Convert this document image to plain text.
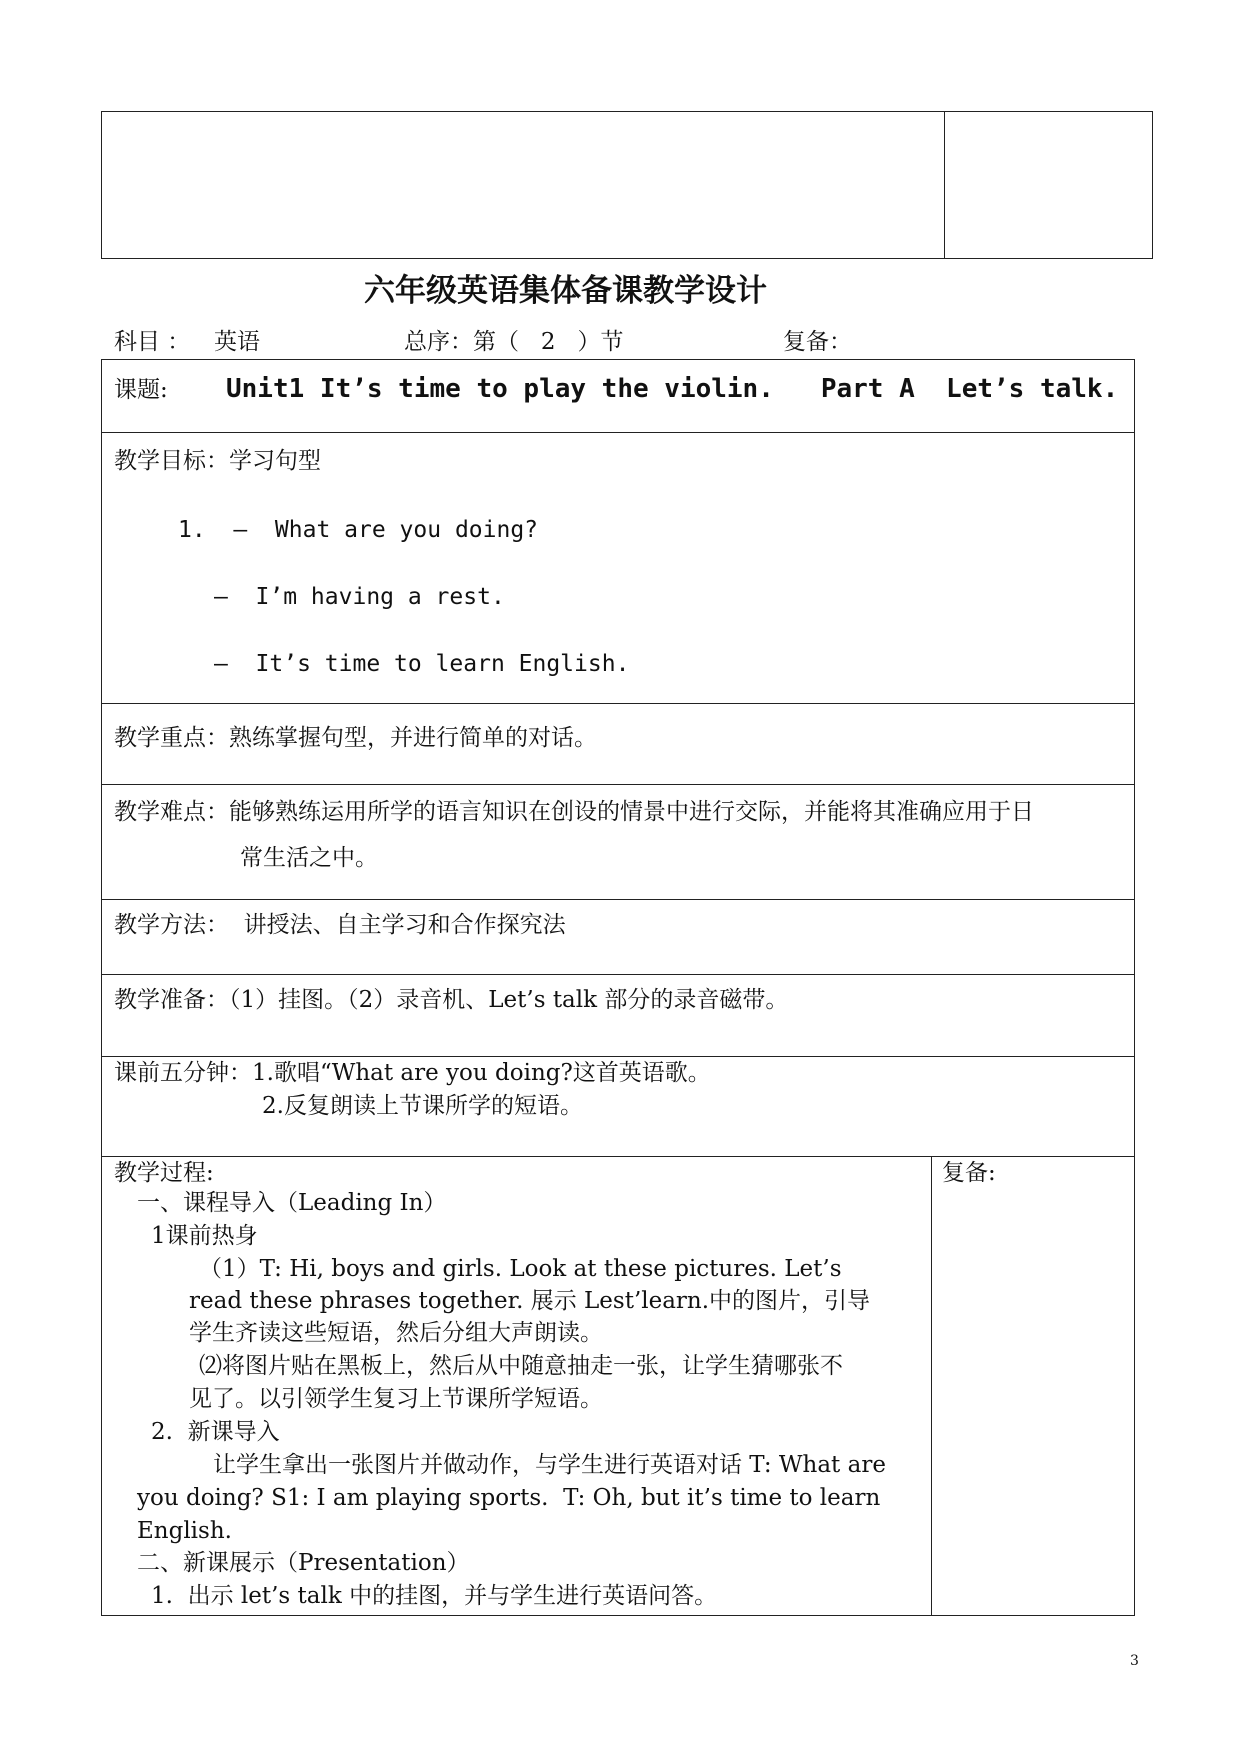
六年级英语集体备课教学设计
科目 ： 英语	总序：第（   2   ）节	复备：
课题: Unit1 It’s time to play the violin.   Part A  Let’s talk.
教学目标：学习句型
1.  —  What are you doing?
—  I’m having a rest.
—  It’s time to learn English.
教学重点：熟练掌握句型，并进行简单的对话。
教学难点：能够熟练运用所学的语言知识在创设的情景中进行交际，并能将其准确应用于日
常生活之中。
教学方法：  讲授法、自主学习和合作探究法
教学准备：（1）挂图。（2）录音机、Let’s talk 部分的录音磁带。
课前五分钟：1.歌唱“What are you doing?这首英语歌。
2.反复朗读上节课所学的短语。
教学过程:	复备:
一、课程导入（Leading In）
1课前热身
（1）T: Hi, boys and girls. Look at these pictures. Let’s
read these phrases together. 展示 Lest’learn.中的图片，引导
学生齐读这些短语，然后分组大声朗读。
⑵将图片贴在黑板上，然后从中随意抽走一张，让学生猜哪张不
见了。以引领学生复习上节课所学短语。
2.  新课导入
让学生拿出一张图片并做动作，与学生进行英语对话 T: What are
you doing? S1: I am playing sports.  T: Oh, but it’s time to learn
English.
二、新课展示（Presentation）
1.  出示 let’s talk 中的挂图，并与学生进行英语问答。
3
